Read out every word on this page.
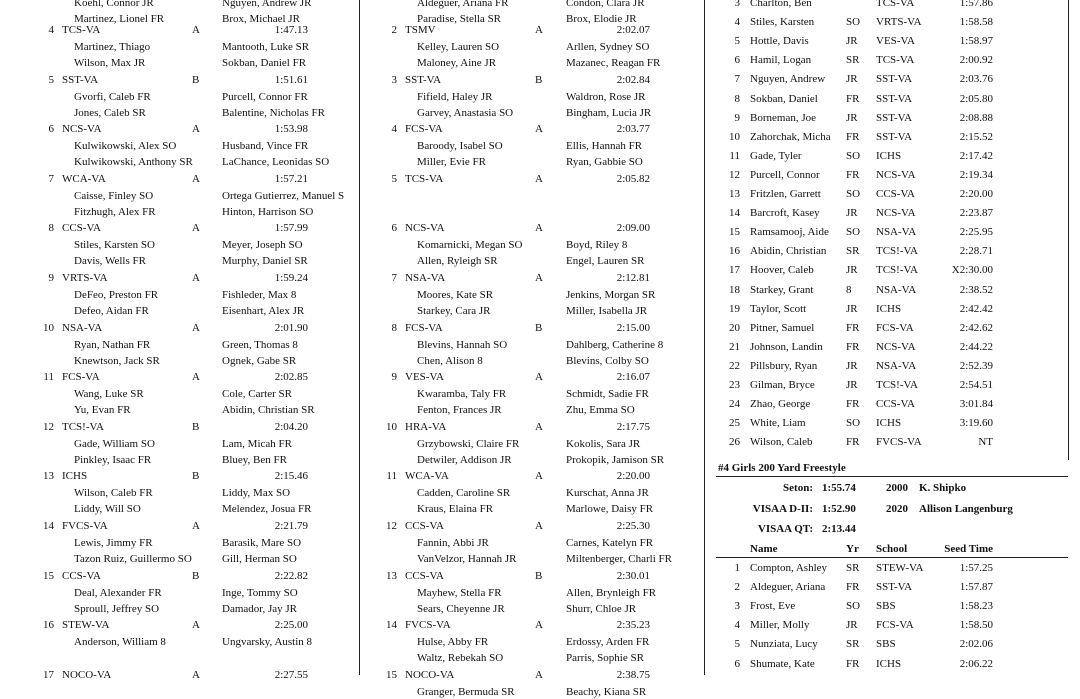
Koehl, Connor JR	Nguyen, Andrew JR
Martinez, Lionel FR	Brox, Michael JR
4 TCS-VA	A	1:47.13
Martinez, Thiago	Mantooth, Luke SR
Wilson, Max JR	Sokban, Daniel FR
5 SST-VA	B	1:51.61
Gvorfi, Caleb FR	Purcell, Connor FR
Jones, Caleb SR	Balentine, Nicholas FR
6 NCS-VA	A	1:53.98
Kulwikowski, Alex SO	Husband, Vince FR
Kulwikowski, Anthony SR	LaChance, Leonidas SO
7 WCA-VA	A	1:57.21
Caisse, Finley SO	Ortega Gutierrez, Manuel S
Fitzhugh, Alex FR	Hinton, Harrison SO
8 CCS-VA	A	1:57.99
Stiles, Karsten SO	Meyer, Joseph SO
Davis, Wells FR	Murphy, Daniel SR
9 VRTS-VA	A	1:59.24
DeFeo, Preston FR	Fishleder, Max 8
Defeo, Aidan FR	Eisenhart, Alex JR
10 NSA-VA	A	2:01.90
Ryan, Nathan FR	Green, Thomas 8
Knewtson, Jack SR	Ognek, Gabe SR
11 FCS-VA	A	2:02.85
Wang, Luke SR	Cole, Carter SR
Yu, Evan FR	Abidin, Christian SR
12 TCS!-VA	B	2:04.20
Gade, William SO	Lam, Micah FR
Pinkley, Isaac FR	Bluey, Ben FR
13 ICHS	B	2:15.46
Wilson, Caleb FR	Liddy, Max SO
Liddy, Will SO	Melendez, Josua FR
14 FVCS-VA	A	2:21.79
Lewis, Jimmy FR	Barasik, Mare SO
Tazon Ruiz, Guillermo SO	Gill, Herman SO
15 CCS-VA	B	2:22.82
Deal, Alexander FR	Inge, Tommy SO
Sproull, Jeffrey SO	Damador, Jay JR
16 STEW-VA	A	2:25.00
Anderson, William 8	Ungvarsky, Austin 8
17 NOCO-VA	A	2:27.55
Aldeguer, Ariana FR	Condon, Clara JR
Paradise, Stella SR	Brox, Elodie JR
2 TSMV	A	2:02.07
Kelley, Lauren SO	Arllen, Sydney SO
Maloney, Aine JR	Mazanec, Reagan FR
3 SST-VA	B	2:02.84
Fifield, Haley JR	Waldron, Rose JR
Garvey, Anastasia SO	Bingham, Lucia JR
4 FCS-VA	A	2:03.77
Baroody, Isabel SO	Ellis, Hannah FR
Miller, Evie FR	Ryan, Gabbie SO
5 TCS-VA	A	2:05.82
6 NCS-VA	A	2:09.00
Komarnicki, Megan SO	Boyd, Riley 8
Allen, Ryleigh SR	Engel, Lauren SR
7 NSA-VA	A	2:12.81
Moores, Kate SR	Jenkins, Morgan SR
Starkey, Cara JR	Miller, Isabella JR
8 FCS-VA	B	2:15.00
Blevins, Hannah SO	Dahlberg, Catherine 8
Chen, Alison 8	Blevins, Colby SO
9 VES-VA	A	2:16.07
Kwaramba, Taly FR	Schmidt, Sadie FR
Fenton, Frances JR	Zhu, Emma SO
10 HRA-VA	A	2:17.75
Grzybowski, Claire FR	Kokolis, Sara JR
Detwiler, Addison JR	Prokopik, Jamison SR
11 WCA-VA	A	2:20.00
Cadden, Caroline SR	Kurschat, Anna JR
Kraus, Elaina FR	Marlowe, Daisy FR
12 CCS-VA	A	2:25.30
Fannin, Abbi JR	Carnes, Katelyn FR
VanVelzor, Hannah JR	Miltenberger, Charli FR
13 CCS-VA	B	2:30.01
Mayhew, Stella FR	Allen, Brynleigh FR
Sears, Cheyenne JR	Shurr, Chloe JR
14 FVCS-VA	A	2:35.23
Hulse, Abby FR	Erdossy, Arden FR
Waltz, Rebekah SO	Parris, Sophie SR
15 NOCO-VA	A	2:38.75
Granger, Bermuda SR	Beachy, Kiana SR
3 Charlton, Ben	TCS-VA	1:57.86
4 Stiles, Karsten	SO VRTS-VA	1:58.58
5 Hottle, Davis	JR VES-VA	1:58.97
6 Hamil, Logan	SR TCS-VA	2:00.92
7 Nguyen, Andrew JR SST-VA	2:03.76
8 Sokban, Daniel	FR SST-VA	2:05.80
9 Borneman, Joe	JR SST-VA	2:08.88
10 Zahorchak, Micha FR SST-VA	2:15.52
11 Gade, Tyler	SO ICHS	2:17.42
12 Purcell, Connor FR NCS-VA	2:19.34
13 Fritzlen, Garrett SO CCS-VA	2:20.00
14 Barcroft, Kasey JR NCS-VA	2:23.87
15 Ramsamooj, Aide SO NSA-VA	2:25.95
16 Abidin, Christian SR TCS!-VA	2:28.71
17 Hoover, Caleb	JR TCS!-VA	X2:30.00
18 Starkey, Grant	8 NSA-VA	2:38.52
19 Taylor, Scott	JR ICHS	2:42.42
20 Pitner, Samuel	FR FCS-VA	2:42.62
21 Johnson, Landin FR NCS-VA	2:44.22
22 Pillsbury, Ryan	JR NSA-VA	2:52.39
23 Gilman, Bryce	JR TCS!-VA	2:54.51
24 Zhao, George	FR CCS-VA	3:01.84
25 White, Liam	SO ICHS	3:19.60
26 Wilson, Caleb	FR FVCS-VA	NT
#4 Girls 200 Yard Freestyle
Seton: 1:55.74	2000 K. Shipko
VISAA D-II: 1:52.90	2020 Allison Langenburg
VISAA QT: 2:13.44
Name	Yr School	Seed Time
1 Compton, Ashley SR STEW-VA	1:57.25
2 Aldeguer, Ariana FR SST-VA	1:57.87
3 Frost, Eve	SO SBS	1:58.23
4 Miller, Molly	JR FCS-VA	1:58.50
5 Nunziata, Lucy	SR SBS	2:02.06
6 Shumate, Kate	FR ICHS	2:06.22
